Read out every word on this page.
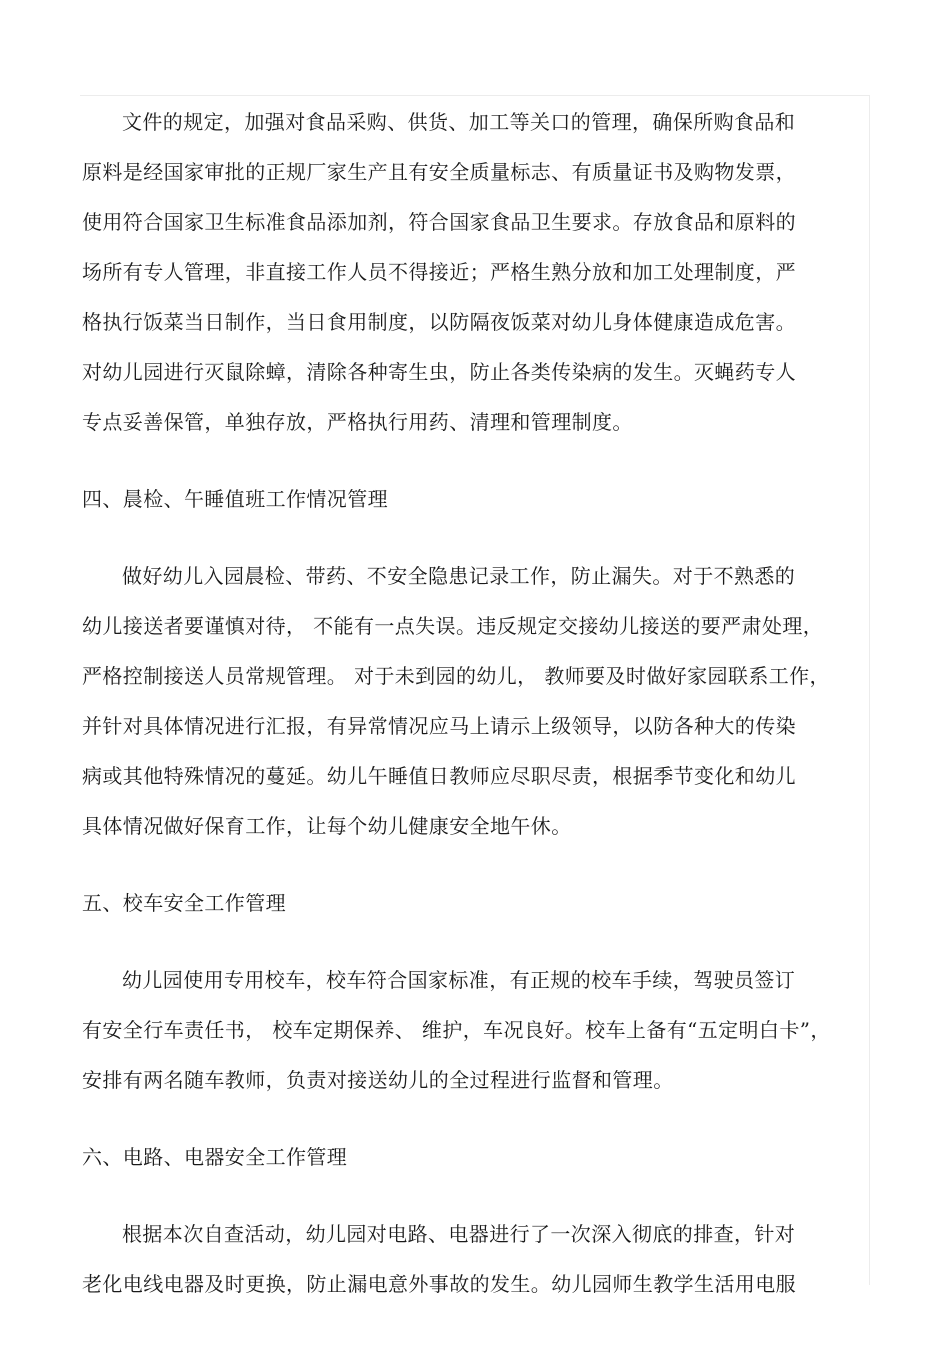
文件的规定，加强对食品采购、供货、加工等关口的管理，确保所购食品和
原料是经国家审批的正规厂家生产且有安全质量标志、有质量证书及购物发票，
使用符合国家卫生标准食品添加剂，符合国家食品卫生要求。存放食品和原料的
场所有专人管理，非直接工作人员不得接近；严格生熟分放和加工处理制度，严
格执行饭菜当日制作，当日食用制度，以防隔夜饭菜对幼儿身体健康造成危害。
对幼儿园进行灭鼠除蟑，清除各种寄生虫，防止各类传染病的发生。灭蝇药专人
专点妥善保管，单独存放，严格执行用药、清理和管理制度。

四、晨检、午睡值班工作情况管理

做好幼儿入园晨检、带药、不安全隐患记录工作，防止漏失。对于不熟悉的
幼儿接送者要谨慎对待， 不能有一点失误。违反规定交接幼儿接送的要严肃处理，
严格控制接送人员常规管理。 对于未到园的幼儿， 教师要及时做好家园联系工作，
并针对具体情况进行汇报，有异常情况应马上请示上级领导，以防各种大的传染
病或其他特殊情况的蔓延。幼儿午睡值日教师应尽职尽责，根据季节变化和幼儿
具体情况做好保育工作，让每个幼儿健康安全地午休。

五、校车安全工作管理

幼儿园使用专用校车，校车符合国家标准，有正规的校车手续，驾驶员签订
有安全行车责任书， 校车定期保养、 维护，车况良好。校车上备有“五定明白卡”，
安排有两名随车教师，负责对接送幼儿的全过程进行监督和管理。

六、电路、电器安全工作管理

根据本次自查活动，幼儿园对电路、电器进行了一次深入彻底的排查，针对
老化电线电器及时更换，防止漏电意外事故的发生。幼儿园师生教学生活用电服
